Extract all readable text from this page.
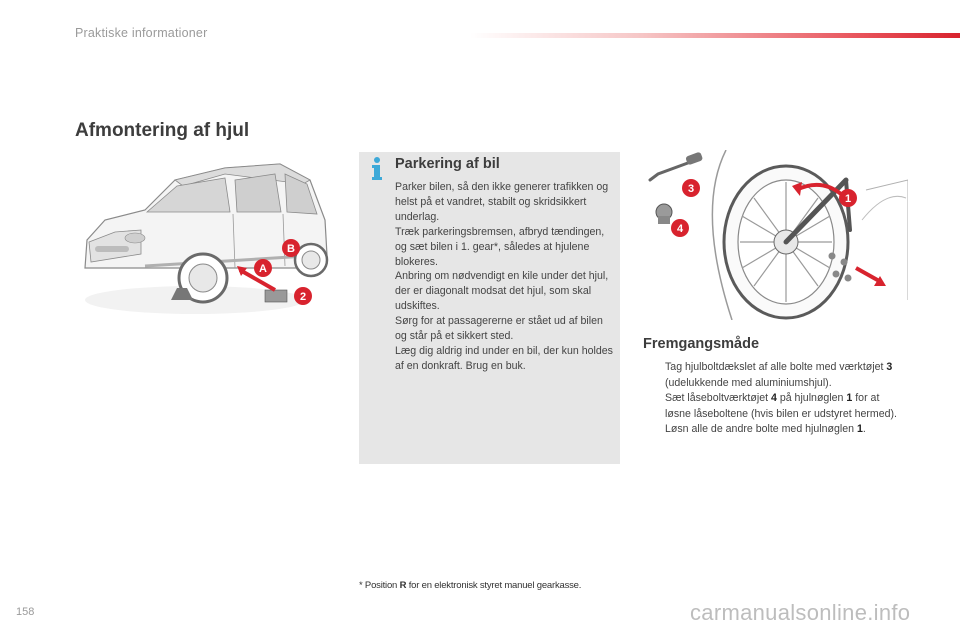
Praktiske informationer
Afmontering af hjul
A
B
2
Parkering af bil

Parker bilen, så den ikke generer trafikken og helst på et vandret, stabilt og skridsikkert underlag.

Træk parkeringsbremsen, afbryd tændingen, og sæt bilen i 1. gear*, således at hjulene blokeres.

Anbring om nødvendigt en kile under det hjul, der er diagonalt modsat det hjul, som skal udskiftes.

Sørg for at passagererne er stået ud af bilen og står på et sikkert sted.

Læg dig aldrig ind under en bil, der kun holdes af en donkraft. Brug en buk.

3
4
1
Fremgangsmåde
Tag hjulboltdækslet af alle bolte med værktøjet 3 (udelukkende med aluminiumshjul).
Sæt låseboltværktøjet 4 på hjulnøglen 1 for at løsne låseboltene (hvis bilen er udstyret hermed).
Løsn alle de andre bolte med hjulnøglen 1.
* Position R for en elektronisk styret manuel gearkasse.
158	carmanualsonline.info
